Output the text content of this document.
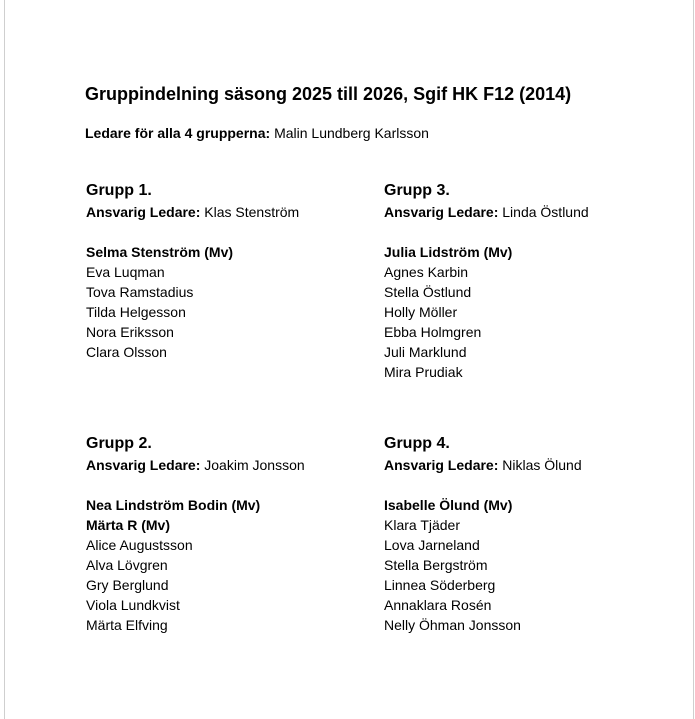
Gruppindelning säsong 2025 till 2026, Sgif HK F12 (2014)
Ledare för alla 4 grupperna: Malin Lundberg Karlsson
Grupp 1.
Ansvarig Ledare: Klas Stenström
Selma Stenström (Mv)
Eva Luqman
Tova Ramstadius
Tilda Helgesson
Nora Eriksson
Clara Olsson
Grupp 3.
Ansvarig Ledare: Linda Östlund
Julia Lidström (Mv)
Agnes Karbin
Stella Östlund
Holly Möller
Ebba Holmgren
Juli Marklund
Mira Prudiak
Grupp 2.
Ansvarig Ledare: Joakim Jonsson
Nea Lindström Bodin (Mv)
Märta R (Mv)
Alice Augustsson
Alva Lövgren
Gry Berglund
Viola Lundkvist
Märta Elfving
Grupp 4.
Ansvarig Ledare: Niklas Ölund
Isabelle Ölund (Mv)
Klara Tjäder
Lova Jarneland
Stella Bergström
Linnea Söderberg
Annaklara Rosén
Nelly Öhman Jonsson
